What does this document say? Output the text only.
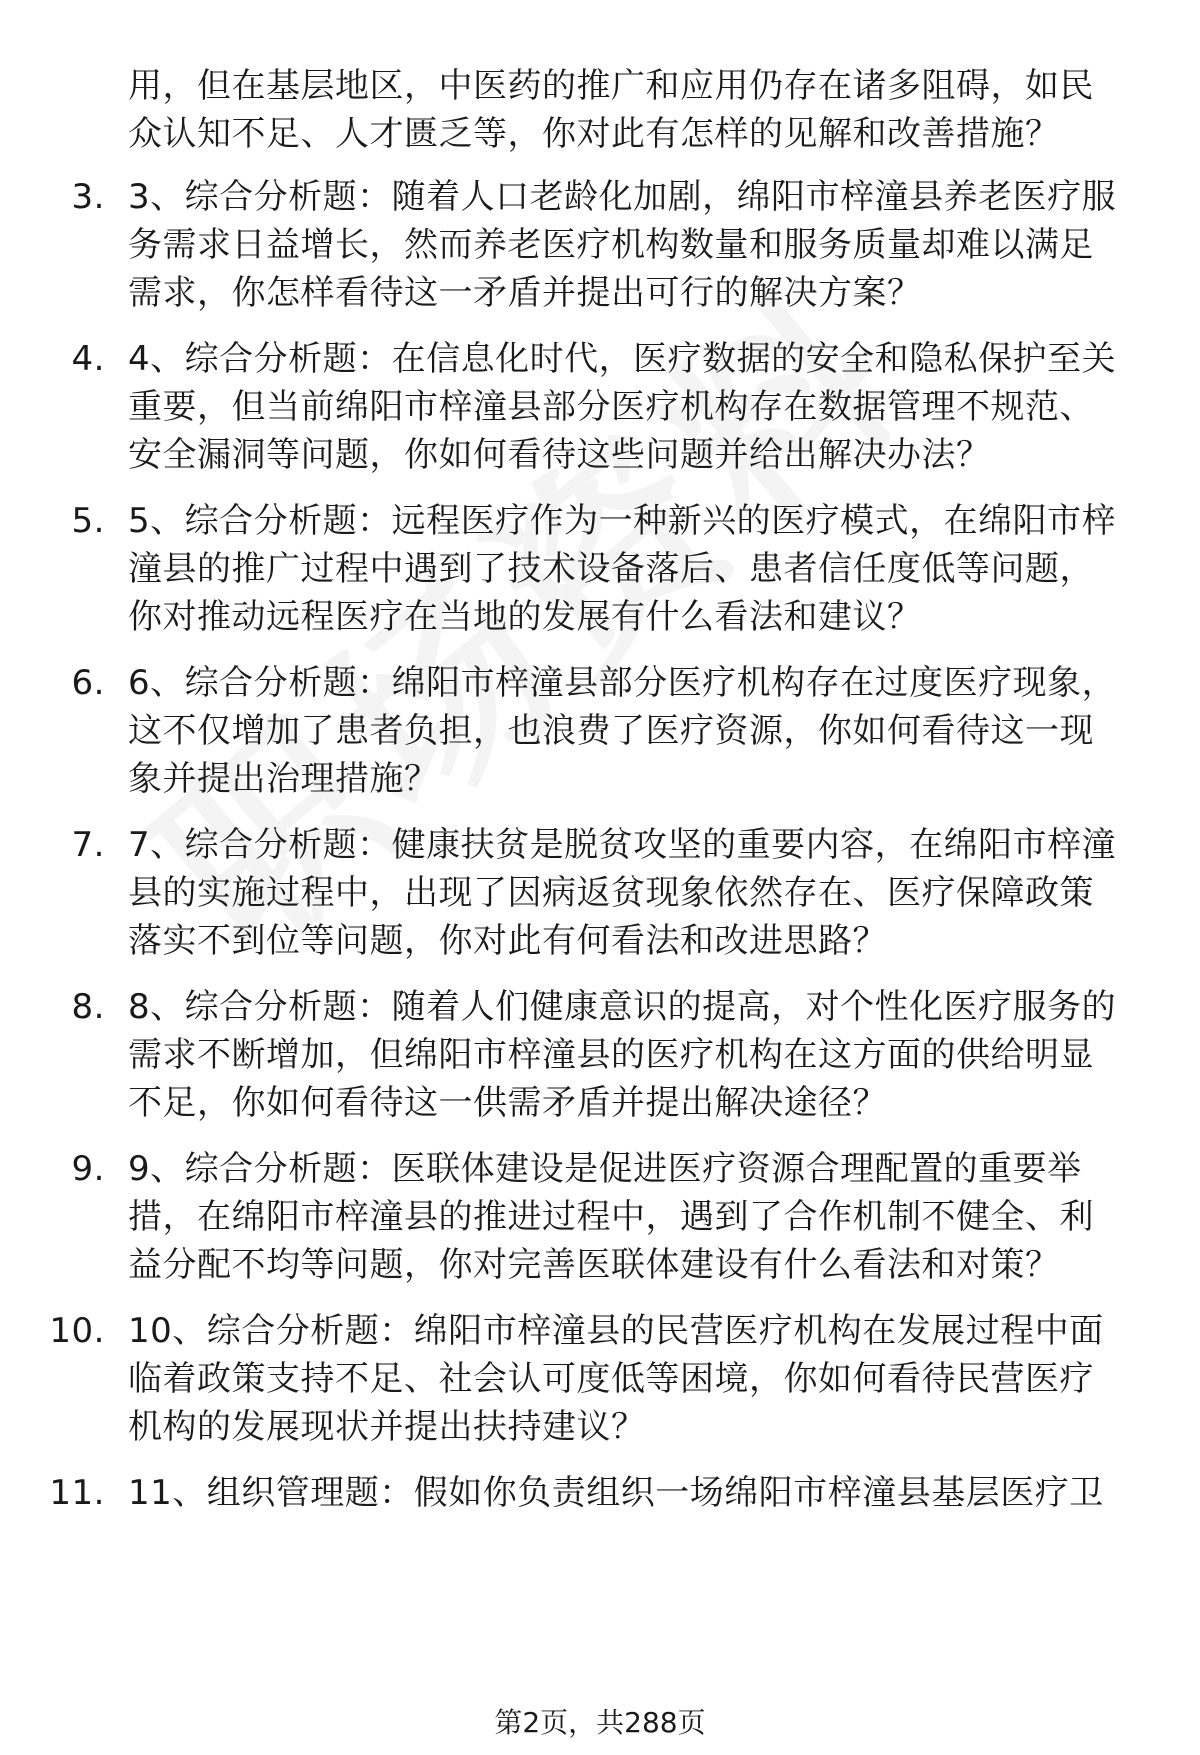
用，但在基层地区，中医药的推广和应用仍存在诸多阻碍，如民

众认知不足、人才匮乏等，你对此有怎样的见解和改善措施？

3. 3、综合分析题：随着人口老龄化加剧，绵阳市梓潼县养老医疗服
务需求日益增长，然而养老医疗机构数量和服务质量却难以满足
需求，你怎样看待这一矛盾并提出可行的解决方案？
4. 4、综合分析题：在信息化时代，医疗数据的安全和隐私保护至关
重要，但当前绵阳市梓潼县部分医疗机构存在数据管理不规范、
安全漏洞等问题，你如何看待这些问题并给出解决办法？
5. 5、综合分析题：远程医疗作为一种新兴的医疗模式，在绵阳市梓
潼县的推广过程中遇到了技术设备落后、患者信任度低等问题，
你对推动远程医疗在当地的发展有什么看法和建议？
6. 6、综合分析题：绵阳市梓潼县部分医疗机构存在过度医疗现象，
这不仅增加了患者负担，也浪费了医疗资源，你如何看待这一现
象并提出治理措施？
7. 7、综合分析题：健康扶贫是脱贫攻坚的重要内容，在绵阳市梓潼
县的实施过程中，出现了因病返贫现象依然存在、医疗保障政策
落实不到位等问题，你对此有何看法和改进思路？
8. 8、综合分析题：随着人们健康意识的提高，对个性化医疗服务的
需求不断增加，但绵阳市梓潼县的医疗机构在这方面的供给明显
不足，你如何看待这一供需矛盾并提出解决途径？
9. 9、综合分析题：医联体建设是促进医疗资源合理配置的重要举
措，在绵阳市梓潼县的推进过程中，遇到了合作机制不健全、利
益分配不均等问题，你对完善医联体建设有什么看法和对策？
10. 10、综合分析题：绵阳市梓潼县的民营医疗机构在发展过程中面
临着政策支持不足、社会认可度低等困境，你如何看待民营医疗
机构的发展现状并提出扶持建议？
11. 11、组织管理题：假如你负责组织一场绵阳市梓潼县基层医疗卫
第2页，共288页
